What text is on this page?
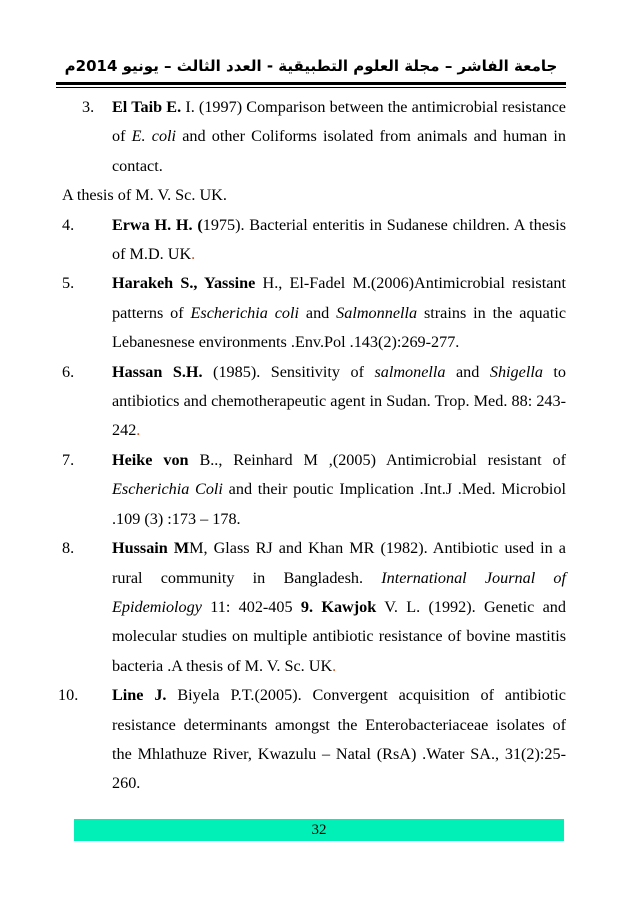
جامعة الفاشر – مجلة العلوم التطبيقية - العدد الثالث – يونيو 2014م
3. El Taib E. I. (1997) Comparison between the antimicrobial resistance of E. coli and other Coliforms isolated from animals and human in contact.
A thesis of M. V. Sc. UK.
4. Erwa H. H. (1975). Bacterial enteritis in Sudanese children. A thesis of M.D. UK.
5. Harakeh S., Yassine H., El-Fadel M.(2006)Antimicrobial resistant patterns of Escherichia coli and Salmonnella strains in the aquatic Lebanesnese environments .Env.Pol .143(2):269-277.
6. Hassan S.H. (1985). Sensitivity of salmonella and Shigella to antibiotics and chemotherapeutic agent in Sudan. Trop. Med. 88: 243-242.
7. Heike von B.., Reinhard M ,(2005) Antimicrobial resistant of Escherichia Coli and their poutic Implication .Int.J .Med. Microbiol .109 (3) :173 – 178.
8. Hussain MM, Glass RJ and Khan MR (1982). Antibiotic used in a rural community in Bangladesh. International Journal of Epidemiology 11: 402-405 9. Kawjok V. L. (1992). Genetic and molecular studies on multiple antibiotic resistance of bovine mastitis bacteria .A thesis of M. V. Sc. UK.
10. Line J. Biyela P.T.(2005). Convergent acquisition of antibiotic resistance determinants amongst the Enterobacteriaceae isolates of the Mhlathuze River, Kwazulu – Natal (RsA) .Water SA., 31(2):25-260.
32
